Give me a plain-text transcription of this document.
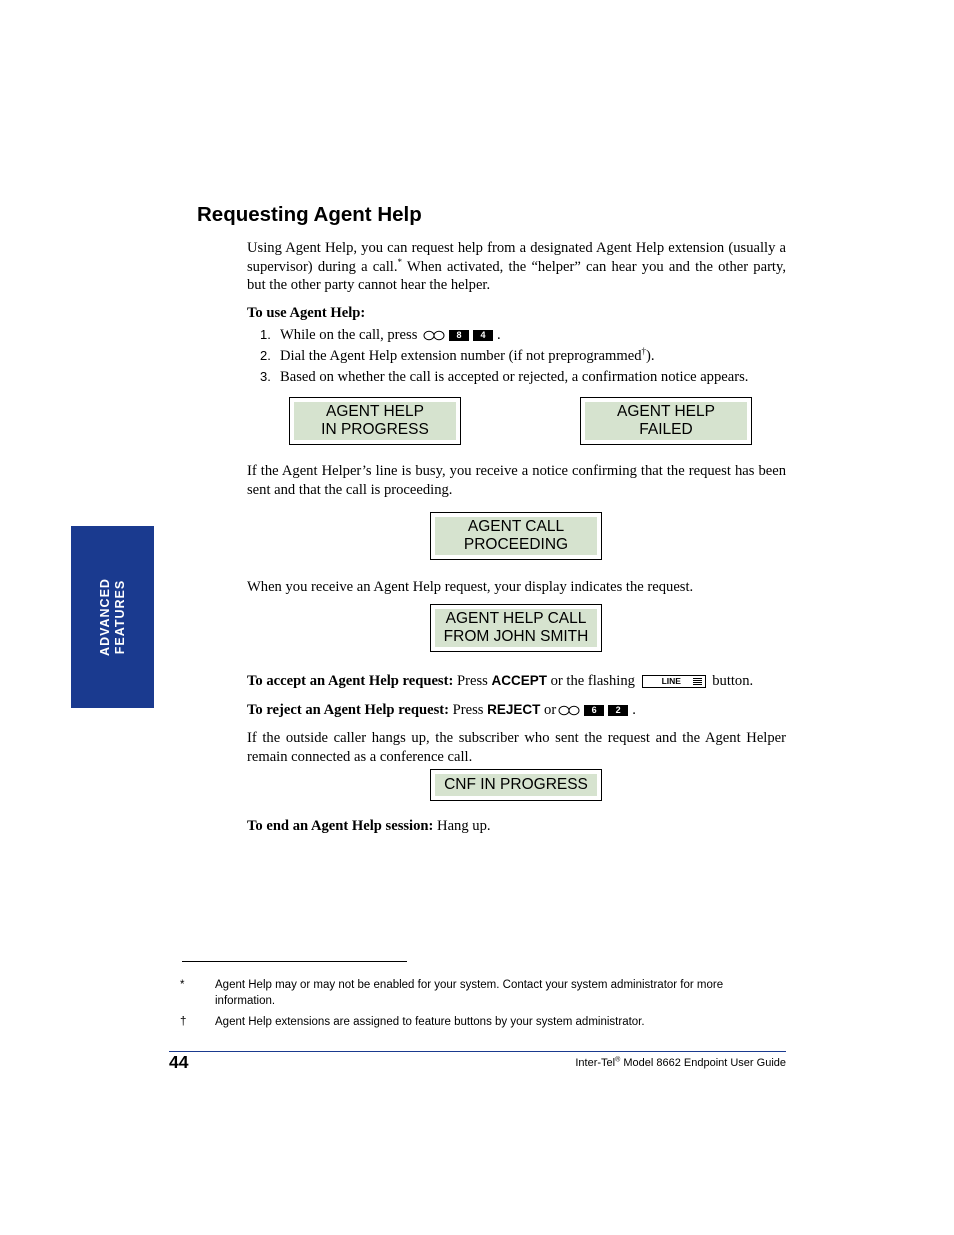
Requesting Agent Help

Using Agent Help, you can request help from a designated Agent Help extension (usually a supervisor) during a call.* When activated, the “helper” can hear you and the other party, but the other party cannot hear the helper.

To use Agent Help:

1. While on the call, press	8 4 .

2. Dial the Agent Help extension number (if not preprogrammed†).

3. Based on whether the call is accepted or rejected, a confirmation notice appears.

AGENT HELP
IN PROGRESS
AGENT HELP
FAILED

If the Agent Helper’s line is busy, you receive a notice confirming that the request has been sent and that the call is proceeding.

AGENT CALL
PROCEEDING

When you receive an Agent Help request, your display indicates the request.

AGENT HELP CALL
FROM JOHN SMITH

To accept an Agent Help request: Press ACCEPT or the flashing	LINE button.

To reject an Agent Help request: Press REJECT or	6 2 .

If the outside caller hangs up, the subscriber who sent the request and the Agent Helper remain connected as a conference call.

CNF IN PROGRESS

To end an Agent Help session: Hang up.

ADVANCED FEATURES

*	Agent Help may or may not be enabled for your system. Contact your system administrator for more information.

† Agent Help extensions are assigned to feature buttons by your system administrator.

44	Inter-Tel® Model 8662 Endpoint User Guide
